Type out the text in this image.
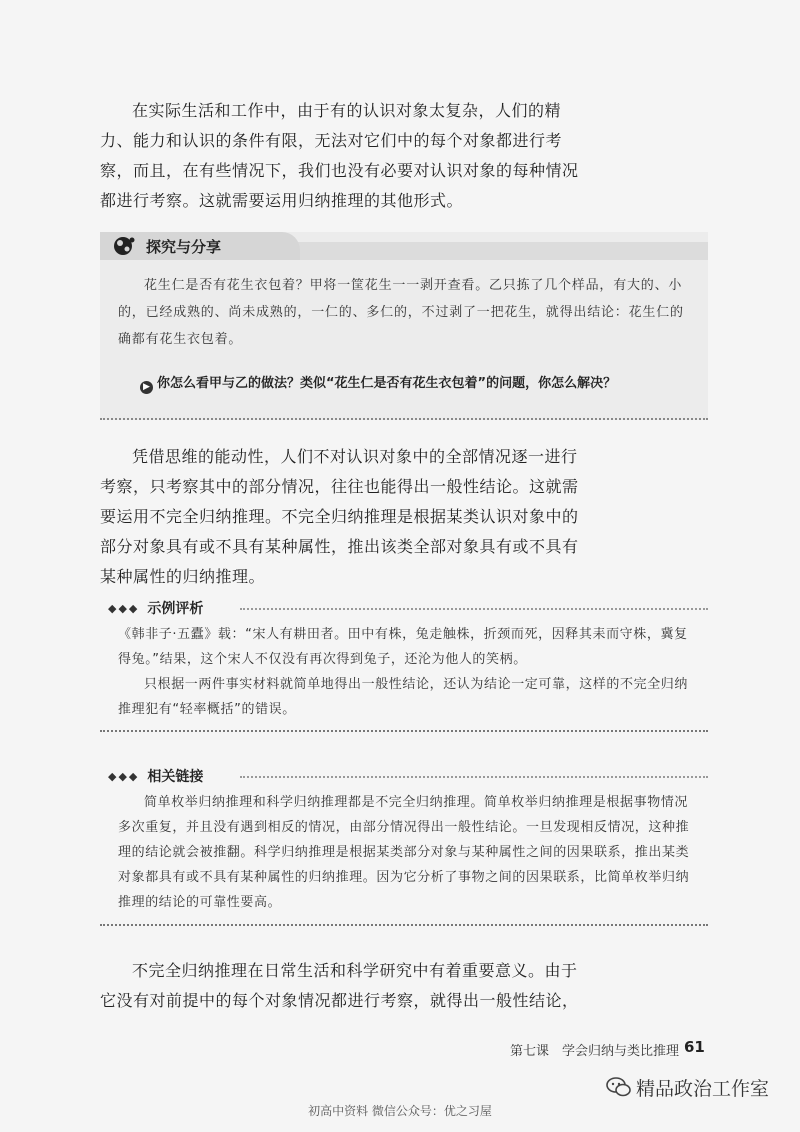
在实际生活和工作中，由于有的认识对象太复杂，人们的精力、能力和认识的条件有限，无法对它们中的每个对象都进行考察，而且，在有些情况下，我们也没有必要对认识对象的每种情况都进行考察。这就需要运用归纳推理的其他形式。

探究与分享

花生仁是否有花生衣包着？甲将一筐花生一一剥开查看。乙只拣了几个样品，有大的、小的，已经成熟的、尚未成熟的，一仁的、多仁的，不过剥了一把花生，就得出结论：花生仁的确都有花生衣包着。

▶ 你怎么看甲与乙的做法？类似“花生仁是否有花生衣包着”的问题，你怎么解决？

凭借思维的能动性，人们不对认识对象中的全部情况逐一进行考察，只考察其中的部分情况，往往也能得出一般性结论。这就需要运用不完全归纳推理。不完全归纳推理是根据某类认识对象中的部分对象具有或不具有某种属性，推出该类全部对象具有或不具有某种属性的归纳推理。

◆◆◆ 示例评析

《韩非子·五蠹》载：“宋人有耕田者。田中有株，兔走触株，折颈而死，因释其耒而守株，冀复得兔。”结果，这个宋人不仅没有再次得到兔子，还沦为他人的笑柄。

只根据一两件事实材料就简单地得出一般性结论，还认为结论一定可靠，这样的不完全归纳推理犯有“轻率概括”的错误。

◆◆◆ 相关链接

简单枚举归纳推理和科学归纳推理都是不完全归纳推理。简单枚举归纳推理是根据事物情况多次重复，并且没有遇到相反的情况，由部分情况得出一般性结论。一旦发现相反情况，这种推理的结论就会被推翻。科学归纳推理是根据某类部分对象与某种属性之间的因果联系，推出某类对象都具有或不具有某种属性的归纳推理。因为它分析了事物之间的因果联系，比简单枚举归纳推理的结论的可靠性要高。

不完全归纳推理在日常生活和科学研究中有着重要意义。由于它没有对前提中的每个对象情况都进行考察，就得出一般性结论，

第七课　学会归纳与类比推理 61
精品政治工作室
初高中资料 微信公众号：优之习屋
